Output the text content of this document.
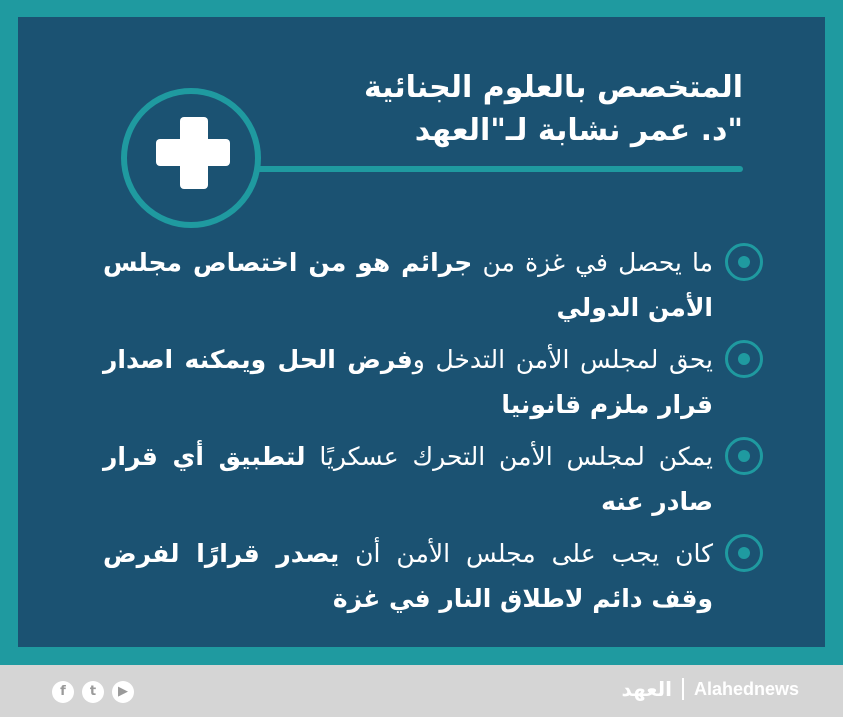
المتخصص بالعلوم الجنائية
"د. عمر نشابة لـ"العهد
ما يحصل في غزة من جرائم هو من اختصاص مجلس الأمن الدولي
يحق لمجلس الأمن التدخل وفرض الحل ويمكنه اصدار قرار ملزم قانونيا
يمكن لمجلس الأمن التحرك عسكريًا لتطبيق أي قرار صادر عنه
كان يجب على مجلس الأمن أن يصدر قرارًا لفرض وقف دائم لاطلاق النار في غزة
f	t	▶	العهد Alahednews
